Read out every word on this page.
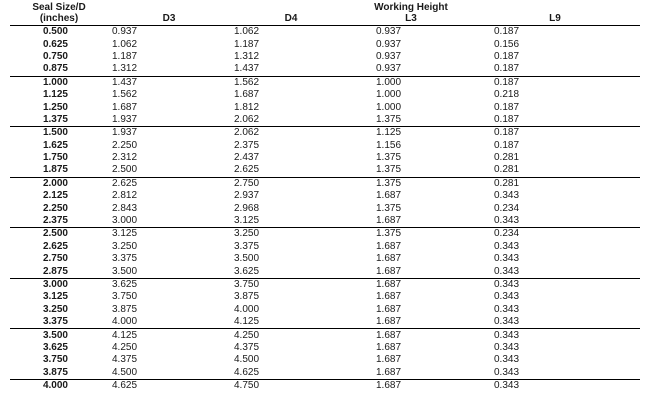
Seal Size/D			Working Height	
(inches)	D3	D4	L3	L9
0.500	0.937	1.062	0.937	0.187
0.625	1.062	1.187	0.937	0.156
0.750	1.187	1.312	0.937	0.187
0.875	1.312	1.437	0.937	0.187
1.000	1.437	1.562	1.000	0.187
1.125	1.562	1.687	1.000	0.218
1.250	1.687	1.812	1.000	0.187
1.375	1.937	2.062	1.375	0.187
1.500	1.937	2.062	1.125	0.187
1.625	2.250	2.375	1.156	0.187
1.750	2.312	2.437	1.375	0.281
1.875	2.500	2.625	1.375	0.281
2.000	2.625	2.750	1.375	0.281
2.125	2.812	2.937	1.687	0.343
2.250	2.843	2.968	1.375	0.234
2.375	3.000	3.125	1.687	0.343
2.500	3.125	3.250	1.375	0.234
2.625	3.250	3.375	1.687	0.343
2.750	3.375	3.500	1.687	0.343
2.875	3.500	3.625	1.687	0.343
3.000	3.625	3.750	1.687	0.343
3.125	3.750	3.875	1.687	0.343
3.250	3.875	4.000	1.687	0.343
3.375	4.000	4.125	1.687	0.343
3.500	4.125	4.250	1.687	0.343
3.625	4.250	4.375	1.687	0.343
3.750	4.375	4.500	1.687	0.343
3.875	4.500	4.625	1.687	0.343
4.000	4.625	4.750	1.687	0.343
